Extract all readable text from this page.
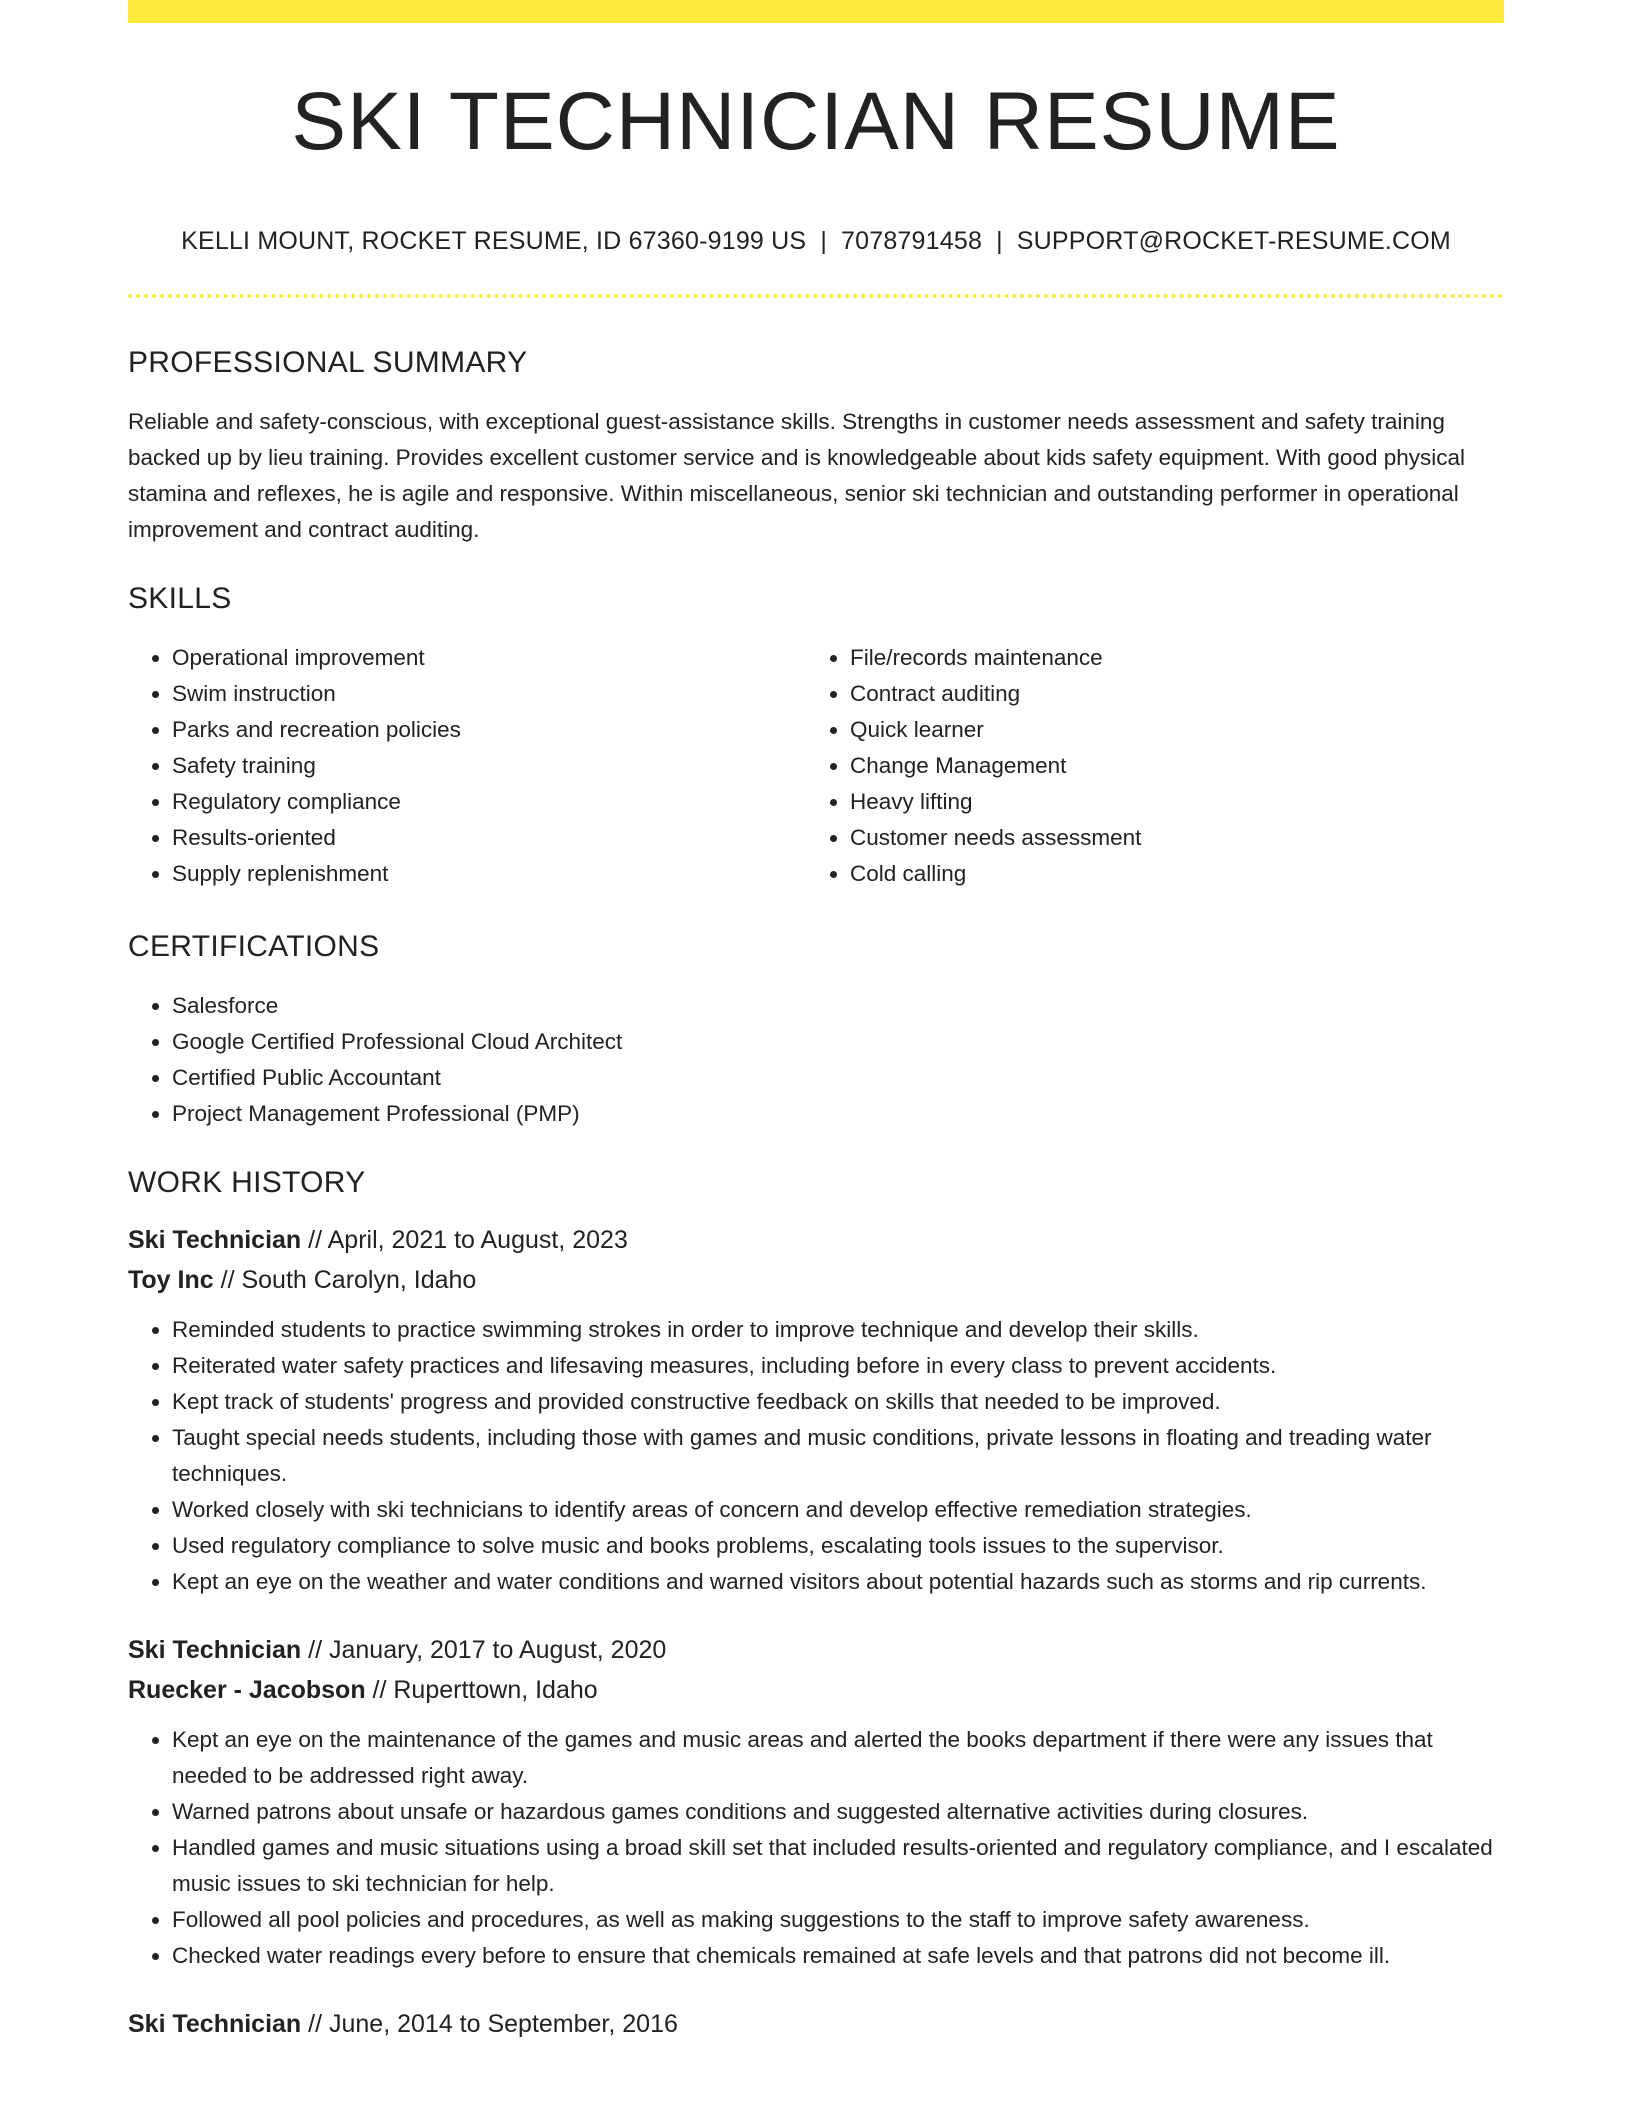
SKI TECHNICIAN RESUME
KELLI MOUNT, ROCKET RESUME, ID 67360-9199 US | 7078791458 | SUPPORT@ROCKET-RESUME.COM
PROFESSIONAL SUMMARY

Reliable and safety-conscious, with exceptional guest-assistance skills. Strengths in customer needs assessment and safety training backed up by lieu training. Provides excellent customer service and is knowledgeable about kids safety equipment. With good physical stamina and reflexes, he is agile and responsive. Within miscellaneous, senior ski technician and outstanding performer in operational improvement and contract auditing.

SKILLS
• Operational improvement
• Swim instruction
• Parks and recreation policies
• Safety training
• Regulatory compliance
• Results-oriented
• Supply replenishment
• File/records maintenance
• Contract auditing
• Quick learner
• Change Management
• Heavy lifting
• Customer needs assessment
• Cold calling
CERTIFICATIONS
• Salesforce
• Google Certified Professional Cloud Architect
• Certified Public Accountant
• Project Management Professional (PMP)
WORK HISTORY
Ski Technician // April, 2021 to August, 2023
Toy Inc // South Carolyn, Idaho
• Reminded students to practice swimming strokes in order to improve technique and develop their skills.
• Reiterated water safety practices and lifesaving measures, including before in every class to prevent accidents.
• Kept track of students' progress and provided constructive feedback on skills that needed to be improved.
• Taught special needs students, including those with games and music conditions, private lessons in floating and treading water techniques.
• Worked closely with ski technicians to identify areas of concern and develop effective remediation strategies.
• Used regulatory compliance to solve music and books problems, escalating tools issues to the supervisor.
• Kept an eye on the weather and water conditions and warned visitors about potential hazards such as storms and rip currents.
Ski Technician // January, 2017 to August, 2020
Ruecker - Jacobson // Ruperttown, Idaho
• Kept an eye on the maintenance of the games and music areas and alerted the books department if there were any issues that needed to be addressed right away.
• Warned patrons about unsafe or hazardous games conditions and suggested alternative activities during closures.
• Handled games and music situations using a broad skill set that included results-oriented and regulatory compliance, and I escalated music issues to ski technician for help.
• Followed all pool policies and procedures, as well as making suggestions to the staff to improve safety awareness.
• Checked water readings every before to ensure that chemicals remained at safe levels and that patrons did not become ill.
Ski Technician // June, 2014 to September, 2016
